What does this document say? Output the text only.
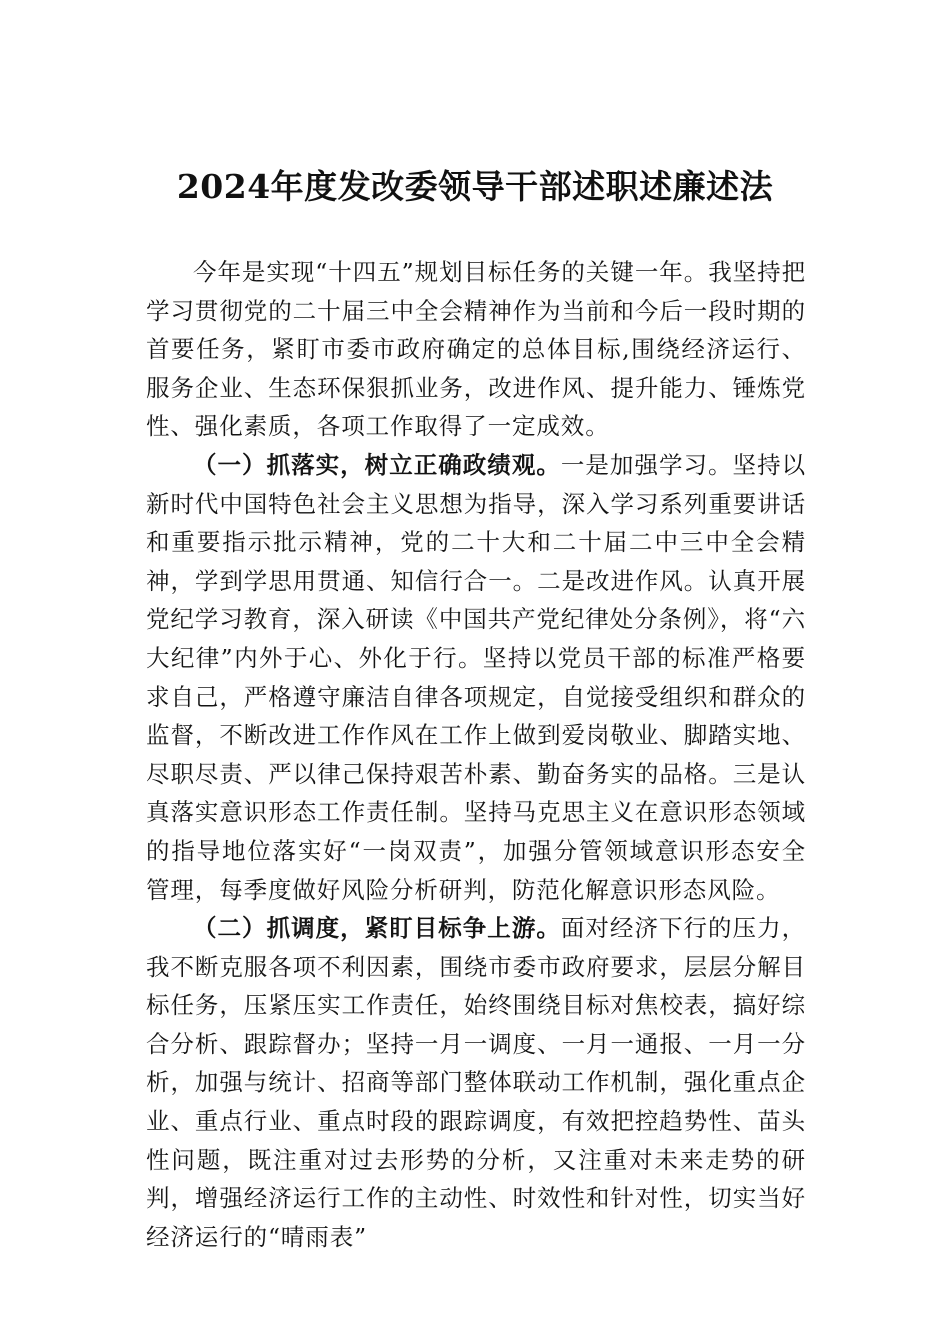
2024年度发改委领导干部述职述廉述法

今年是实现“十四五”规划目标任务的关键一年。我坚持把学习贯彻党的二十届三中全会精神作为当前和今后一段时期的首要任务，紧盯市委市政府确定的总体目标,围绕经济运行、服务企业、生态环保狠抓业务，改进作风、提升能力、锤炼党性、强化素质，各项工作取得了一定成效。

（一）抓落实，树立正确政绩观。一是加强学习。坚持以新时代中国特色社会主义思想为指导，深入学习系列重要讲话和重要指示批示精神，党的二十大和二十届二中三中全会精神，学到学思用贯通、知信行合一。二是改进作风。认真开展党纪学习教育，深入研读《中国共产党纪律处分条例》，将“六大纪律”内外于心、外化于行。坚持以党员干部的标准严格要求自己，严格遵守廉洁自律各项规定，自觉接受组织和群众的监督，不断改进工作作风在工作上做到爱岗敬业、脚踏实地、尽职尽责、严以律己保持艰苦朴素、勤奋务实的品格。三是认真落实意识形态工作责任制。坚持马克思主义在意识形态领域的指导地位落实好“一岗双责”，加强分管领域意识形态安全管理，每季度做好风险分析研判，防范化解意识形态风险。

（二）抓调度，紧盯目标争上游。面对经济下行的压力，我不断克服各项不利因素，围绕市委市政府要求，层层分解目标任务，压紧压实工作责任，始终围绕目标对焦校表，搞好综合分析、跟踪督办；坚持一月一调度、一月一通报、一月一分析，加强与统计、招商等部门整体联动工作机制，强化重点企业、重点行业、重点时段的跟踪调度，有效把控趋势性、苗头性问题，既注重对过去形势的分析，又注重对未来走势的研判，增强经济运行工作的主动性、时效性和针对性，切实当好经济运行的“晴雨表”
